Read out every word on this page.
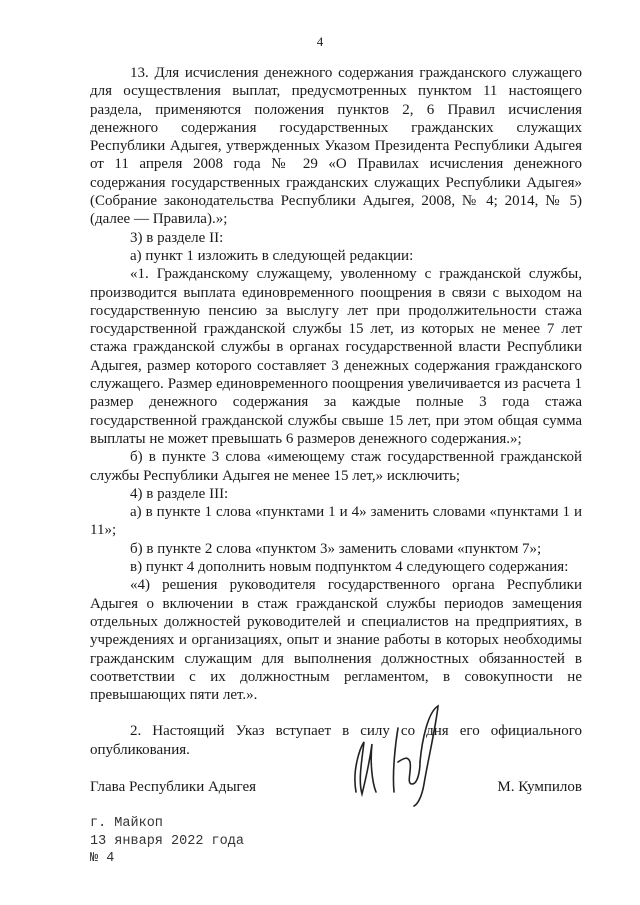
4

13. Для исчисления денежного содержания гражданского служащего для осуществления выплат, предусмотренных пунктом 11 настоящего раздела, применяются положения пунктов 2, 6 Правил исчисления денежного содержания государственных гражданских служащих Республики Адыгея, утвержденных Указом Президента Республики Адыгея от 11 апреля 2008 года № 29 «О Правилах исчисления денежного содержания государственных гражданских служащих Республики Адыгея» (Собрание законодательства Республики Адыгея, 2008, № 4; 2014, № 5) (далее — Правила).»;

3) в разделе II:

а) пункт 1 изложить в следующей редакции:

«1. Гражданскому служащему, уволенному с гражданской службы, производится выплата единовременного поощрения в связи с выходом на государственную пенсию за выслугу лет при продолжительности стажа государственной гражданской службы 15 лет, из которых не менее 7 лет стажа гражданской службы в органах государственной власти Республики Адыгея, размер которого составляет 3 денежных содержания гражданского служащего. Размер единовременного поощрения увеличивается из расчета 1 размер денежного содержания за каждые полные 3 года стажа государственной гражданской службы свыше 15 лет, при этом общая сумма выплаты не может превышать 6 размеров денежного содержания.»;

б) в пункте 3 слова «имеющему стаж государственной гражданской службы Республики Адыгея не менее 15 лет,» исключить;

4) в разделе III:

а) в пункте 1 слова «пунктами 1 и 4» заменить словами «пунктами 1 и 11»;

б) в пункте 2 слова «пунктом 3» заменить словами «пунктом 7»;

в) пункт 4 дополнить новым подпунктом 4 следующего содержания:

«4) решения руководителя государственного органа Республики Адыгея о включении в стаж гражданской службы периодов замещения отдельных должностей руководителей и специалистов на предприятиях, в учреждениях и организациях, опыт и знание работы в которых необходимы гражданским служащим для выполнения должностных обязанностей в соответствии с их должностным регламентом, в совокупности не превышающих пяти лет.».

2. Настоящий Указ вступает в силу со дня его официального опубликования.

Глава Республики Адыгея	М. Кумпилов
г. Майкоп
13 января 2022 года
№ 4
